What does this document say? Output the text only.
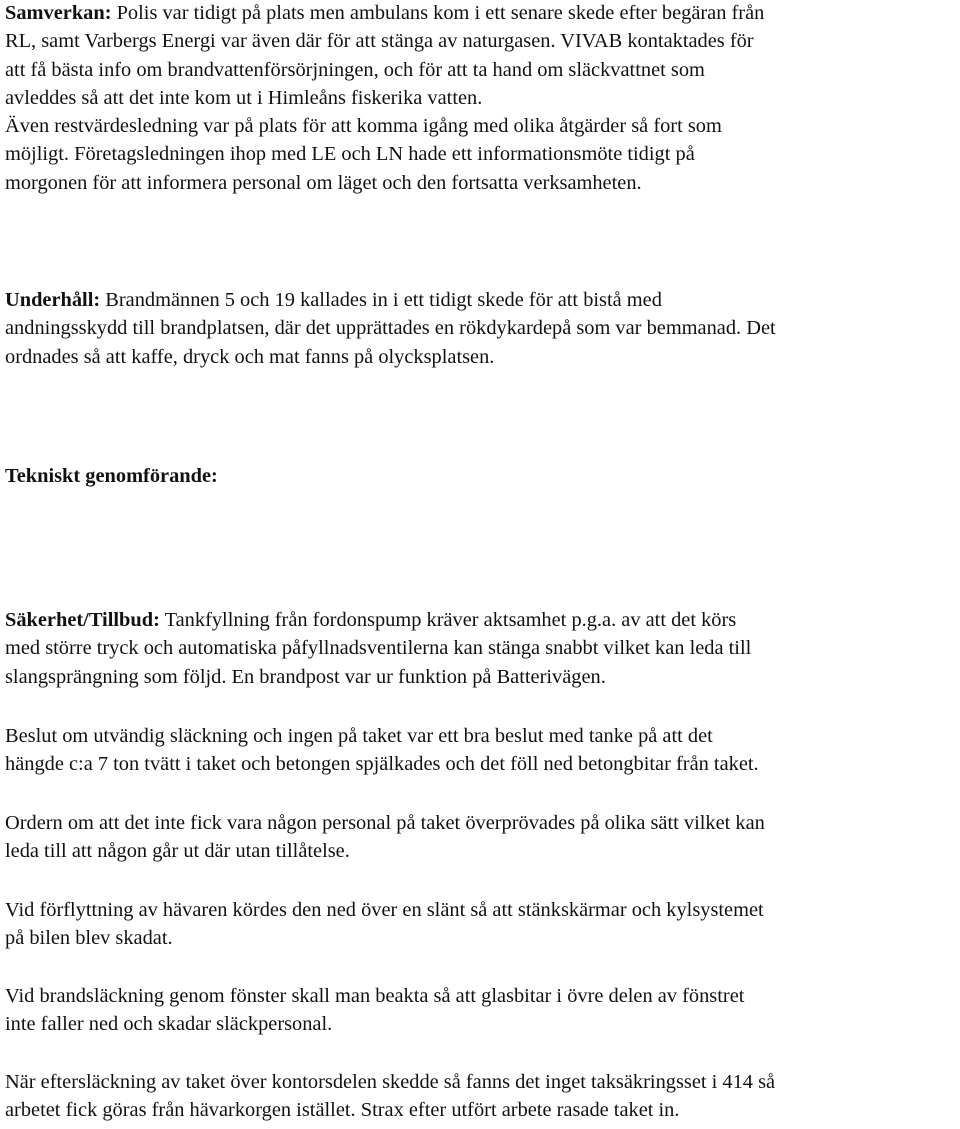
Samverkan: Polis var tidigt på plats men ambulans kom i ett senare skede efter begäran från
RL, samt Varbergs Energi var även där för att stänga av naturgasen. VIVAB kontaktades för
att få bästa info om brandvattenförsörjningen, och för att ta hand om släckvattnet som
avleddes så att det inte kom ut i Himleåns fiskerika vatten.
Även restvärdesledning var på plats för att komma igång med olika åtgärder så fort som
möjligt. Företagsledningen ihop med LE och LN hade ett informationsmöte tidigt på
morgonen för att informera personal om läget och den fortsatta verksamheten.

Underhåll: Brandmännen 5 och 19 kallades in i ett tidigt skede för att bistå med
andningsskydd till brandplatsen, där det upprättades en rökdykardepå som var bemmanad. Det
ordnades så att kaffe, dryck och mat fanns på olycksplatsen.

Tekniskt genomförande:

Säkerhet/Tillbud: Tankfyllning från fordonspump kräver aktsamhet p.g.a. av att det körs
med större tryck och automatiska påfyllnadsventilerna kan stänga snabbt vilket kan leda till
slangsprängning som följd. En brandpost var ur funktion på Batterivägen.

Beslut om utvändig släckning och ingen på taket var ett bra beslut med tanke på att det
hängde c:a 7 ton tvätt i taket och betongen spjälkades och det föll ned betongbitar från taket.

Ordern om att det inte fick vara någon personal på taket överprövades på olika sätt vilket kan
leda till att någon går ut där utan tillåtelse.

Vid förflyttning av hävaren kördes den ned över en slänt så att stänkskärmar och kylsystemet
på bilen blev skadat.

Vid brandsläckning genom fönster skall man beakta så att glasbitar i övre delen av fönstret
inte faller ned och skadar släckpersonal.

När eftersläckning av taket över kontorsdelen skedde så fanns det inget taksäkringsset i 414 så
arbetet fick göras från hävarkorgen istället. Strax efter utfört arbete rasade taket in.
